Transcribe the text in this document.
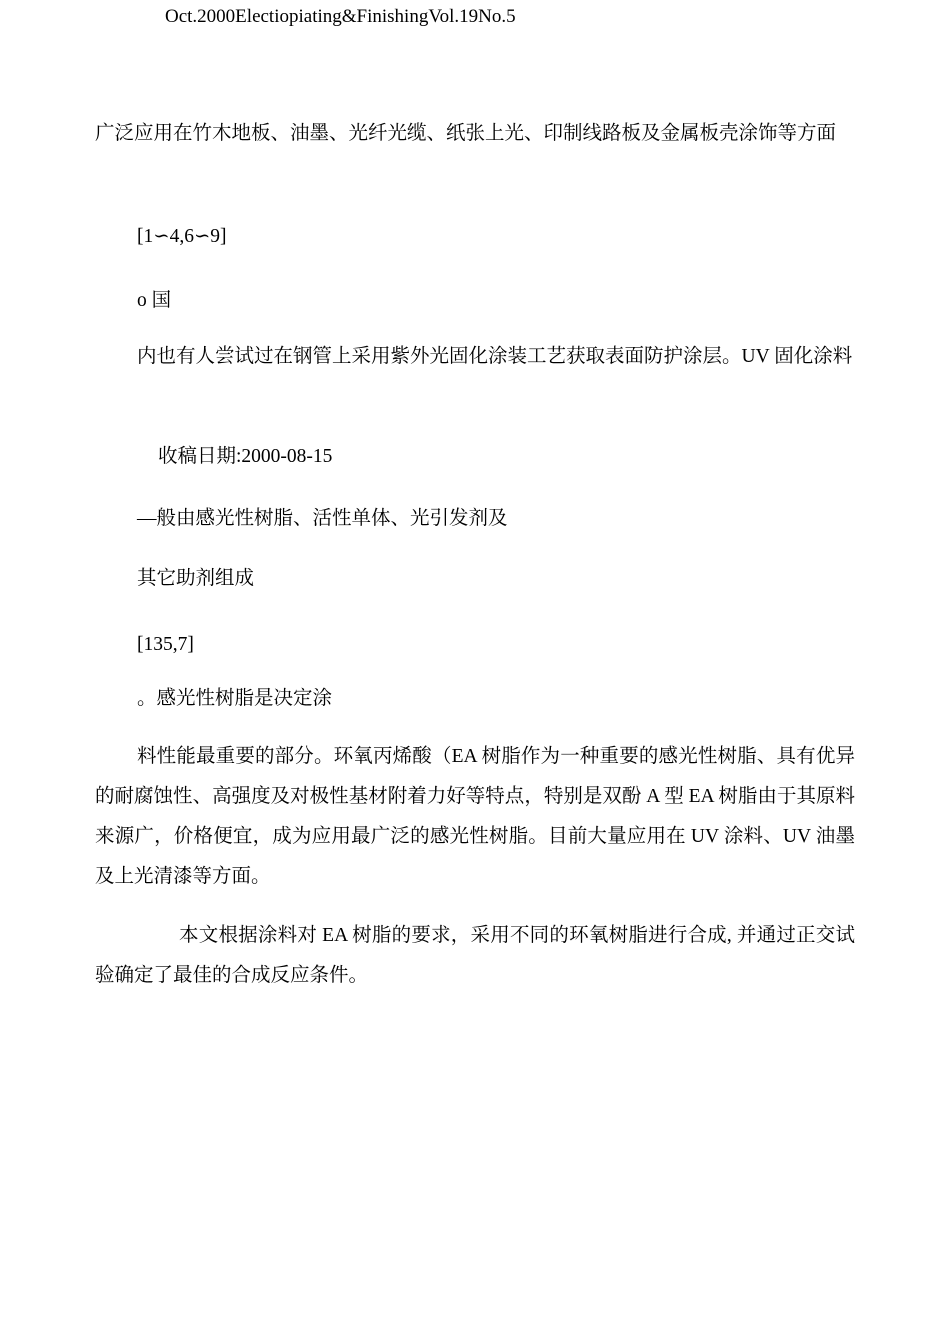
Oct.2000Electiopiating&FinishingVol.19No.5
广泛应用在竹木地板、油墨、光纤光缆、纸张上光、印制线路板及金属板壳涂饰等方面
[1∽4,6∽9]
o 国
内也有人尝试过在钢管上采用紫外光固化涂装工艺获取表面防护涂层。UV 固化涂料
收稿日期:2000-08-15
—般由感光性树脂、活性单体、光引发剂及
其它助剂组成
[135,7]
。感光性树脂是决定涂
料性能最重要的部分。环氧丙烯酸（EA 树脂作为一种重要的感光性树脂、具有优异的耐腐蚀性、高强度及对极性基材附着力好等特点，特别是双酚 A 型 EA 树脂由于其原料来源广，价格便宜，成为应用最广泛的感光性树脂。目前大量应用在 UV 涂料、UV 油墨及上光清漆等方面。
本文根据涂料对 EA 树脂的要求，采用不同的环氧树脂进行合成, 并通过正交试验确定了最佳的合成反应条件。
